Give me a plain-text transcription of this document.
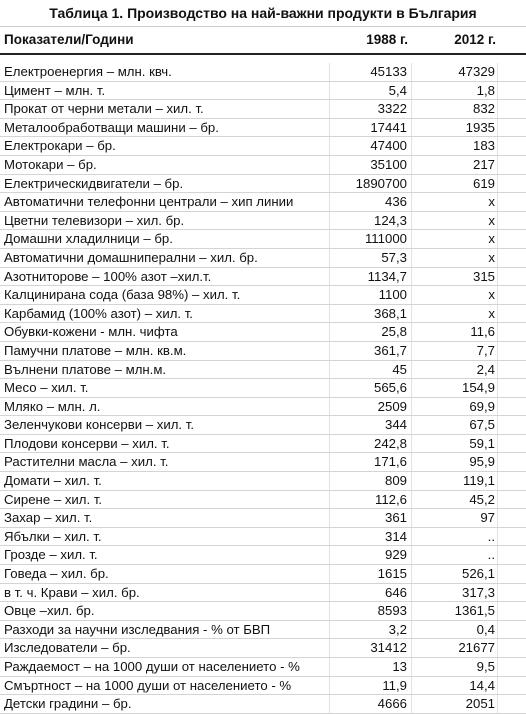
Таблица 1. Производство на най-важни продукти в България
Показатели/Години	1988 г.	2012 г.
Електроенергия – млн. квч.	45133	47329
Цимент – млн. т.	5,4	1,8
Прокат от черни метали – хил. т.	3322	832
Металообработващи машини – бр.	17441	1935
Електрокари – бр.	47400	183
Мотокари – бр.	35100	217
Електрическидвигатели – бр.	1890700	619
Автоматични телефонни централи – хип линии	436	x
Цветни телевизори – хил. бр.	124,3	x
Домашни хладилници – бр.	111000	x
Автоматични домашниперални – хил. бр.	57,3	x
Азотниторове – 100% азот –хил.т.	1134,7	315
Калцинирана сода (база 98%) – хил. т.	1100	x
Карбамид (100% азот) – хил. т.	368,1	x
Обувки-кожени - млн. чифта	25,8	11,6
Памучни платове – млн. кв.м.	361,7	7,7
Вълнени платове – млн.м.	45	2,4
Месо – хил. т.	565,6	154,9
Мляко – млн. л.	2509	69,9
Зеленчукови консерви – хил. т.	344	67,5
Плодови консерви – хил. т.	242,8	59,1
Растителни масла – хил. т.	171,6	95,9
Домати – хил. т.	809	119,1
Сирене – хил. т.	112,6	45,2
Захар – хил. т.	361	97
Ябълки – хил. т.	314	..
Грозде – хил. т.	929	..
Говеда – хил. бр.	1615	526,1
в т. ч. Крави – хил. бр.	646	317,3
Овце –хил. бр.	8593	1361,5
Разходи за научни изследвания - % от БВП	3,2	0,4
Изследователи – бр.	31412	21677
Раждаемост – на 1000 души от населението - %	13	9,5
Смъртност – на 1000 души от населението - %	11,9	14,4
Детски градини – бр.	4666	2051
